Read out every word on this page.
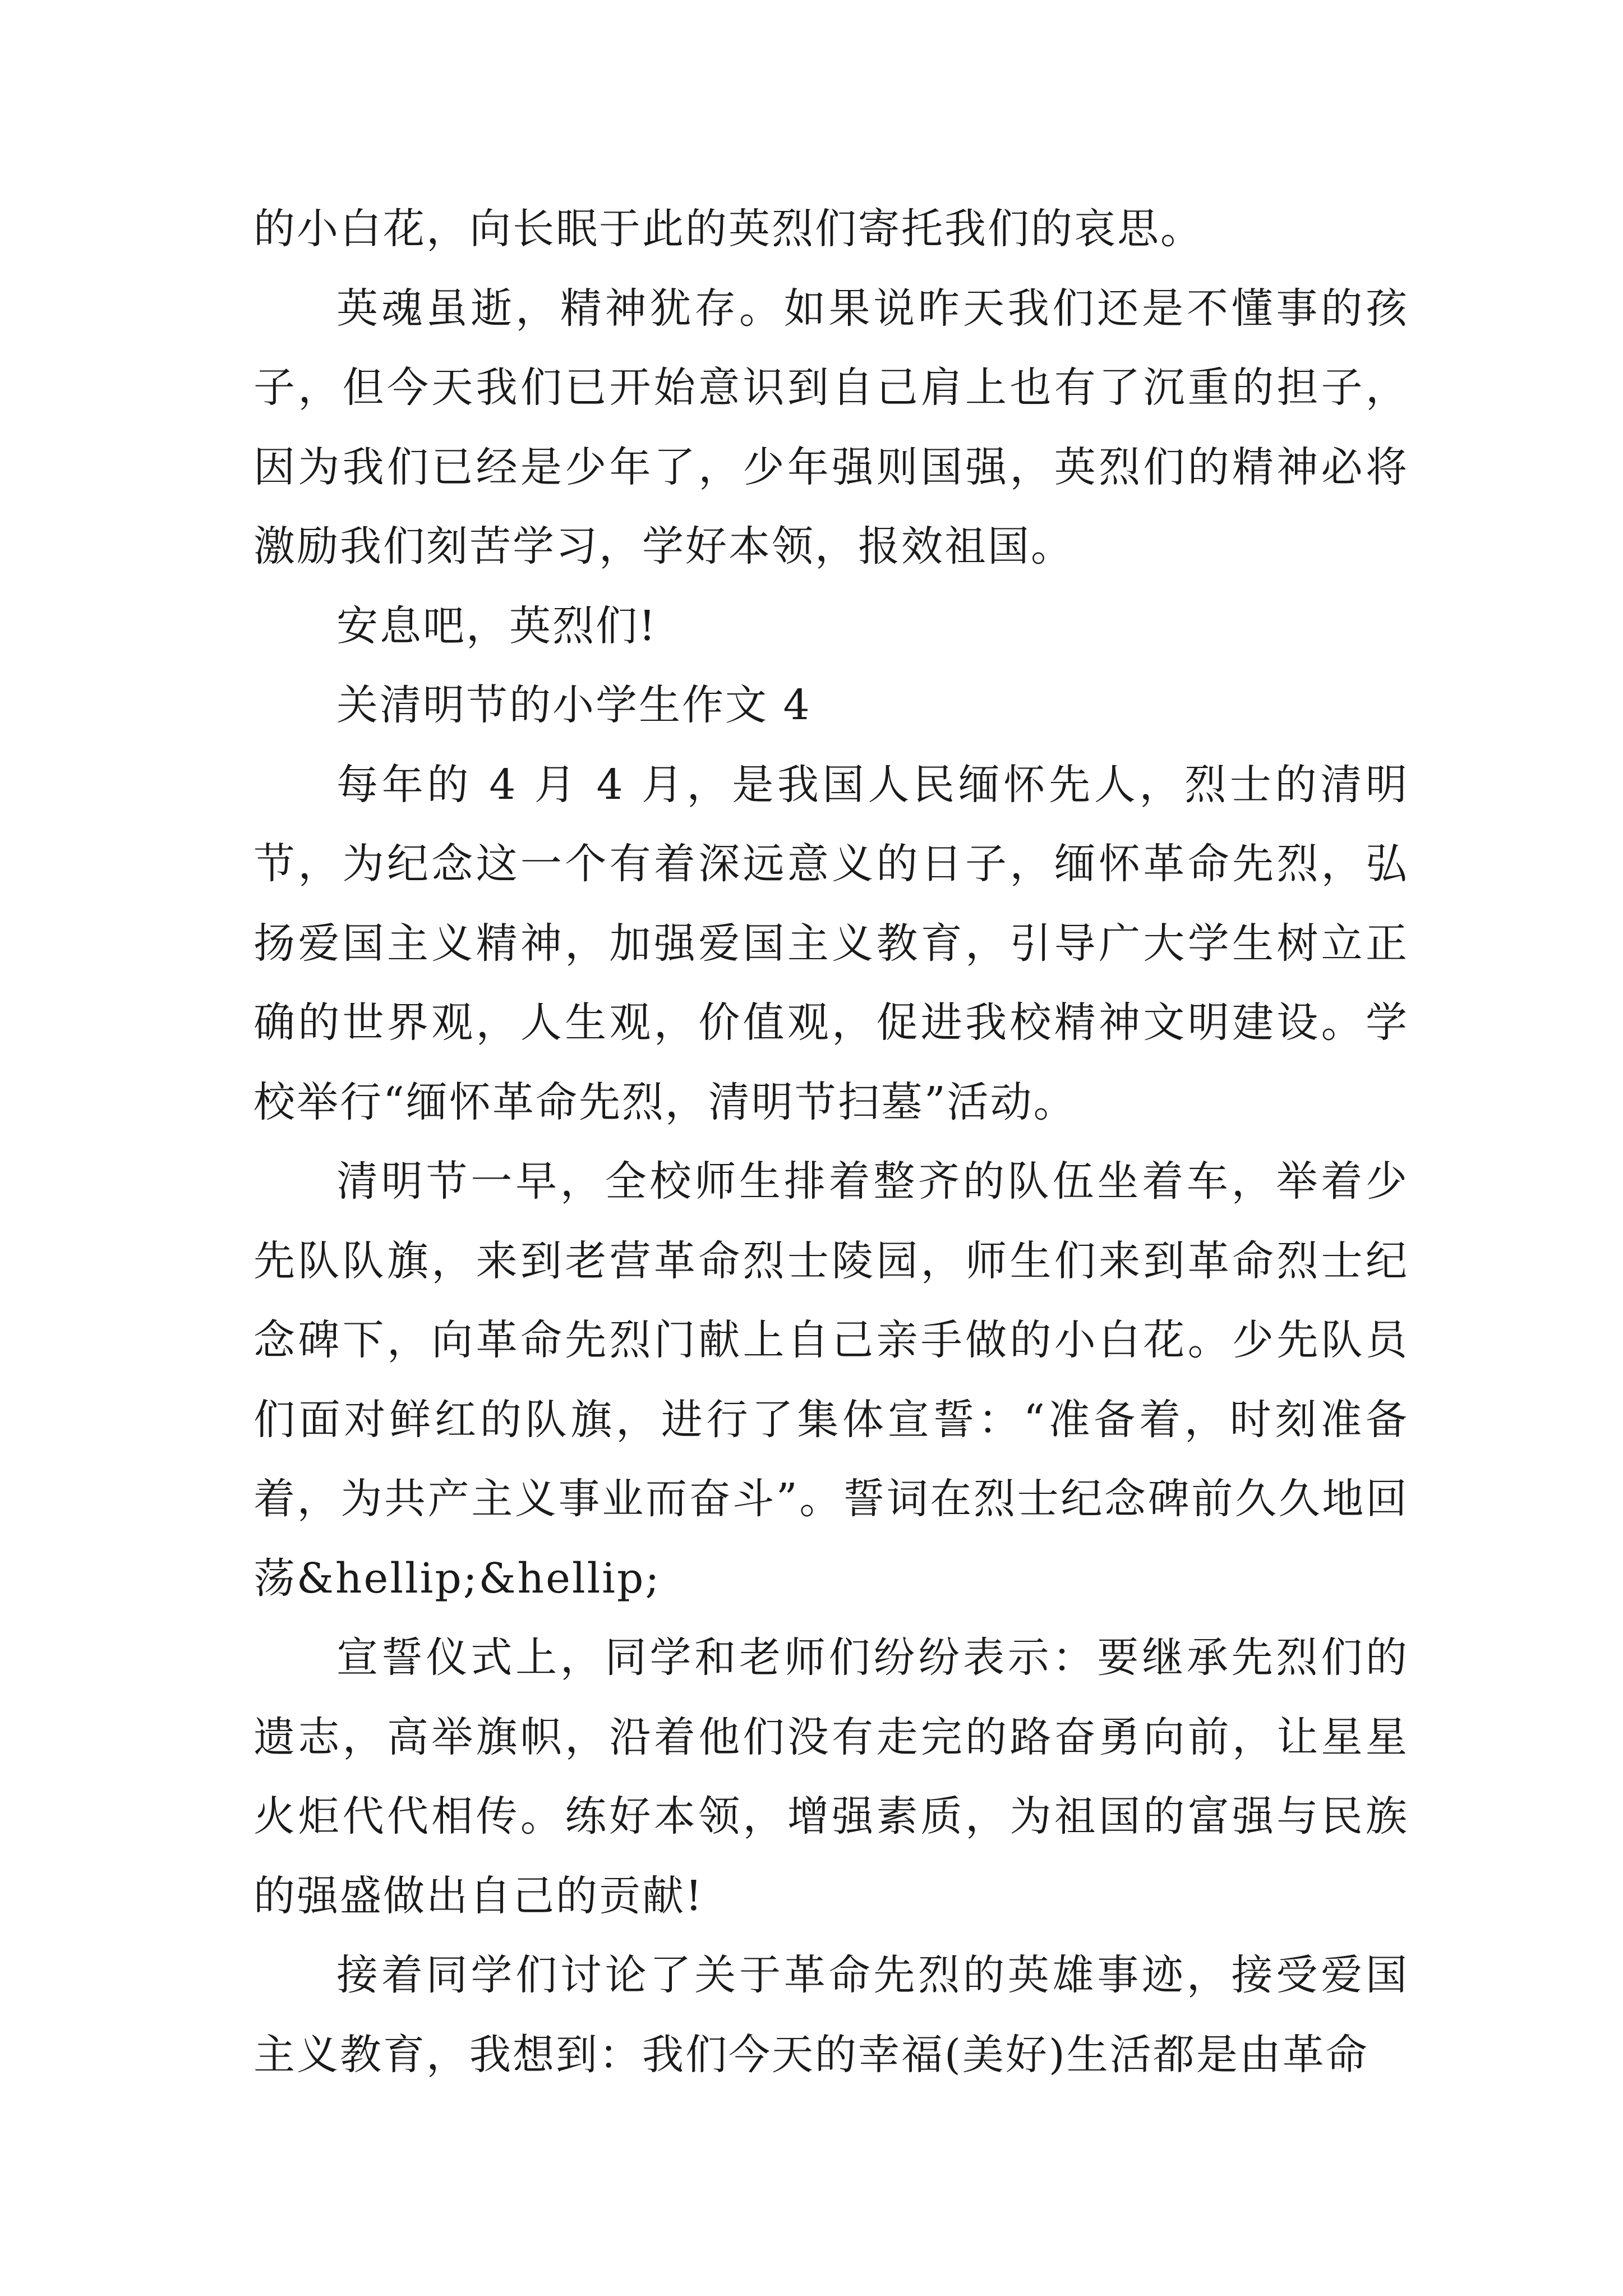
的小白花，向长眠于此的英烈们寄托我们的哀思。

英魂虽逝，精神犹存。如果说昨天我们还是不懂事的孩子，但今天我们已开始意识到自己肩上也有了沉重的担子，因为我们已经是少年了，少年强则国强，英烈们的精神必将激励我们刻苦学习，学好本领，报效祖国。

安息吧，英烈们!

关清明节的小学生作文 4

每年的 4 月 4 月，是我国人民缅怀先人，烈士的清明节，为纪念这一个有着深远意义的日子，缅怀革命先烈，弘扬爱国主义精神，加强爱国主义教育，引导广大学生树立正确的世界观，人生观，价值观，促进我校精神文明建设。学校举行“缅怀革命先烈，清明节扫墓”活动。

清明节一早，全校师生排着整齐的队伍坐着车，举着少先队队旗，来到老营革命烈士陵园，师生们来到革命烈士纪念碑下，向革命先烈门献上自己亲手做的小白花。少先队员们面对鲜红的队旗，进行了集体宣誓：“准备着，时刻准备着，为共产主义事业而奋斗”。誓词在烈士纪念碑前久久地回荡&hellip;&hellip;

宣誓仪式上，同学和老师们纷纷表示：要继承先烈们的遗志，高举旗帜，沿着他们没有走完的路奋勇向前，让星星火炬代代相传。练好本领，增强素质，为祖国的富强与民族的强盛做出自己的贡献!

接着同学们讨论了关于革命先烈的英雄事迹，接受爱国主义教育，我想到：我们今天的幸福(美好)生活都是由革命
